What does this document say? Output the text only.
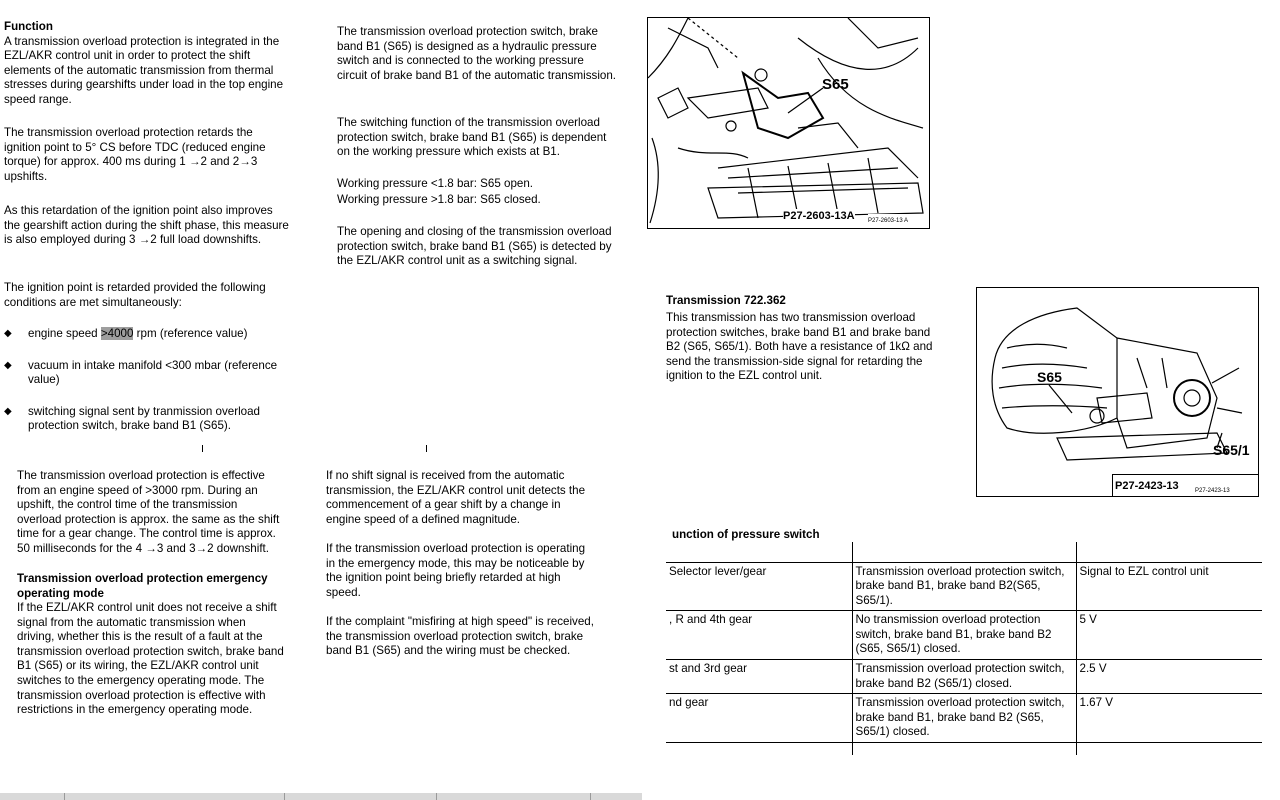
Function

A transmission overload protection is integrated in the EZL/AKR control unit in order to protect the shift elements of the automatic transmission from thermal stresses during gearshifts under load in the top engine speed range.

The transmission overload protection retards the ignition point to 5° CS before TDC (reduced engine torque) for approx. 400 ms during 1 →2 and 2→3 upshifts.

As this retardation of the ignition point also improves the gearshift action during the shift phase, this measure is also employed during 3 →2 full load downshifts.

The ignition point is retarded provided the following conditions are met simultaneously:

◆ engine speed >4000 rpm (reference value)
◆ vacuum in intake manifold <300 mbar (reference value)
◆ switching signal sent by tranmission overload protection switch, brake band B1 (S65).

The transmission overload protection switch, brake band B1 (S65) is designed as a hydraulic pressure switch and is connected to the working pressure circuit of brake band B1 of the automatic transmission.

The switching function of the transmission overload protection switch, brake band B1 (S65) is dependent on the working pressure which exists at B1.

Working pressure <1.8 bar: S65 open.

Working pressure >1.8 bar: S65 closed.

The opening and closing of the transmission overload protection switch, brake band B1 (S65) is detected by the EZL/AKR control unit as a switching signal.

The transmission overload protection is effective from an engine speed of >3000 rpm. During an upshift, the control time of the transmission overload protection is approx. the same as the shift time for a gear change. The control time is approx. 50 milliseconds for the 4 →3 and 3→2 downshift.

Transmission overload protection emergency operating mode

If the EZL/AKR control unit does not receive a shift signal from the automatic transmission when driving, whether this is the result of a fault at the transmission overload protection switch, brake band B1 (S65) or its wiring, the EZL/AKR control unit switches to the emergency operating mode. The transmission overload protection is effective with restrictions in the emergency operating mode.

If no shift signal is received from the automatic transmission, the EZL/AKR control unit detects the commencement of a gear shift by a change in engine speed of a defined magnitude.

If the transmission overload protection is operating in the emergency mode, this may be noticeable by the ignition point being briefly retarded at high speed.

If the complaint "misfiring at high speed" is received, the transmission overload protection switch, brake band B1 (S65) and the wiring must be checked.

S65
P27-2603-13A P27-2603-13 A

Transmission 722.362

This transmission has two transmission overload protection switches, brake band B1 and brake band B2 (S65, S65/1). Both have a resistance of 1kΩ and send the transmission-side signal for retarding the ignition to the EZL control unit.	S65
S65/1
P27-2423-13	P27-2423-13

unction of pressure switch

Selector lever/gear	Transmission overload protection switch, brake band B1, brake band B2(S65, S65/1).	Signal to EZL control unit
, R and 4th gear	No transmission overload protection switch, brake band B1, brake band B2 (S65, S65/1) closed.	5 V
st and 3rd gear	Transmission overload protection switch, brake band B2 (S65/1) closed.	2.5 V
nd gear	Transmission overload protection switch, brake band B1, brake band B2 (S65, S65/1) closed.	1.67 V
